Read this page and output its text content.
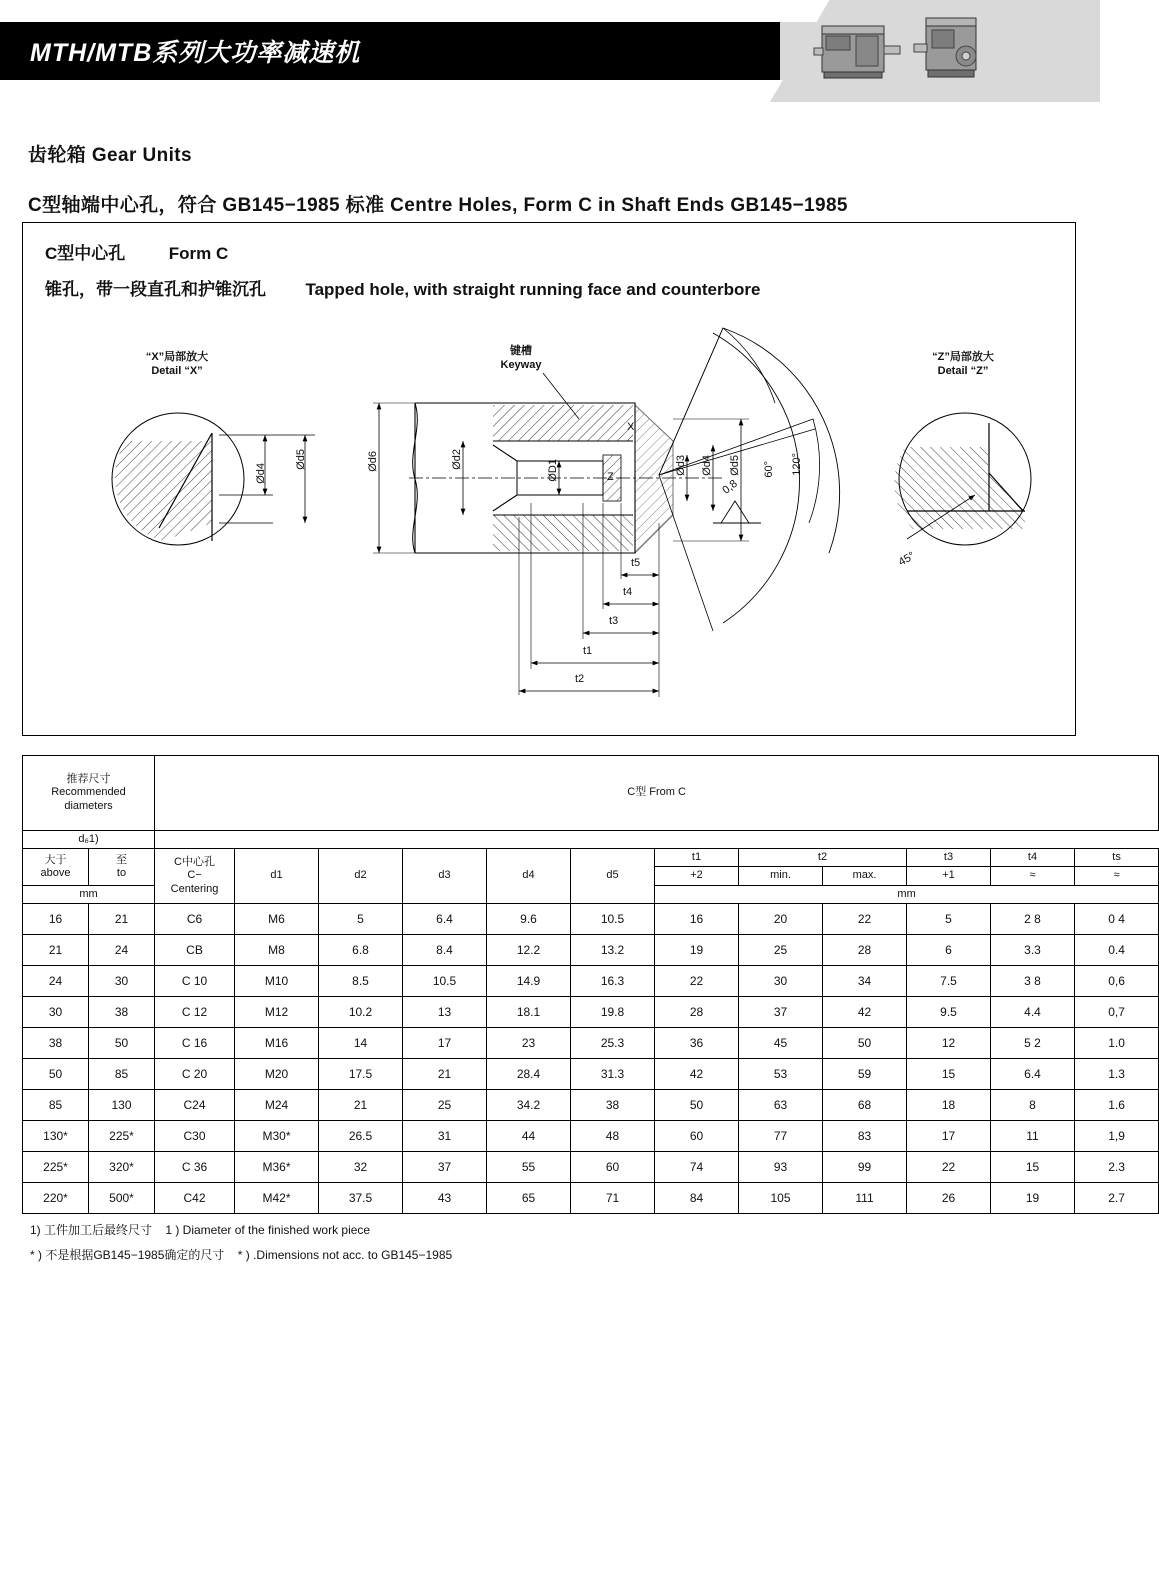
MTH/MTB系列大功率减速机
齿轮箱 Gear Units
C型轴端中心孔，符合 GB145−1985 标准 Centre Holes, Form C in Shaft Ends GB145−1985
C型中心孔	Form C
锥孔，带一段直孔和护锥沉孔 Tapped hole, with straight running face and counterbore
“X”局部放大
Detail “X”
“Z”局部放大
Detail “Z”
键槽
Keyway
Ød5
Ød4
Ød6	Ød2	ØD1	Ød3 Ød4 Ød5 60° 120°
0,8
45°
X
Z
t5
t4
t3
t1
t2
推荐尺寸
Recommended
diameters		C型 From C											

d₆1)													

大于
above

至
to
	C中心孔
C−
Centering	d1	d2	d3	d4	d5	t1	t2	t3	t4	ts
								+2	min.	max.	+1	≈	≈
mm								mm					
16	21	C6	M6	5	6.4	9.6	10.5	16	20	22	5	2 8	0 4
21	24	CB	M8	6.8	8.4	12.2	13.2	19	25	28	6	3.3	0.4
24	30	C 10	M10	8.5	10.5	14.9	16.3	22	30	34	7.5	3 8	0,6
30	38	C 12	M12	10.2	13	18.1	19.8	28	37	42	9.5	4.4	0,7
38	50	C 16	M16	14	17	23	25.3	36	45	50	12	5 2	1.0
50	85	C 20	M20	17.5	21	28.4	31.3	42	53	59	15	6.4	1.3
85	130	C24	M24	21	25	34.2	38	50	63	68	18	8	1.6
130*	225*	C30	M30*	26.5	31	44	48	60	77	83	17	11	1,9
225*	320*	C 36	M36*	32	37	55	60	74	93	99	22	15	2.3
220*	500*	C42	M42*	37.5	43	65	71	84	105	111	26	19	2.7
1) 工件加工后最终尺寸    1 ) Diameter of the finished work piece
* ) 不是根据GB145−1985确定的尺寸    * ) .Dimensions not acc. to GB145−1985
